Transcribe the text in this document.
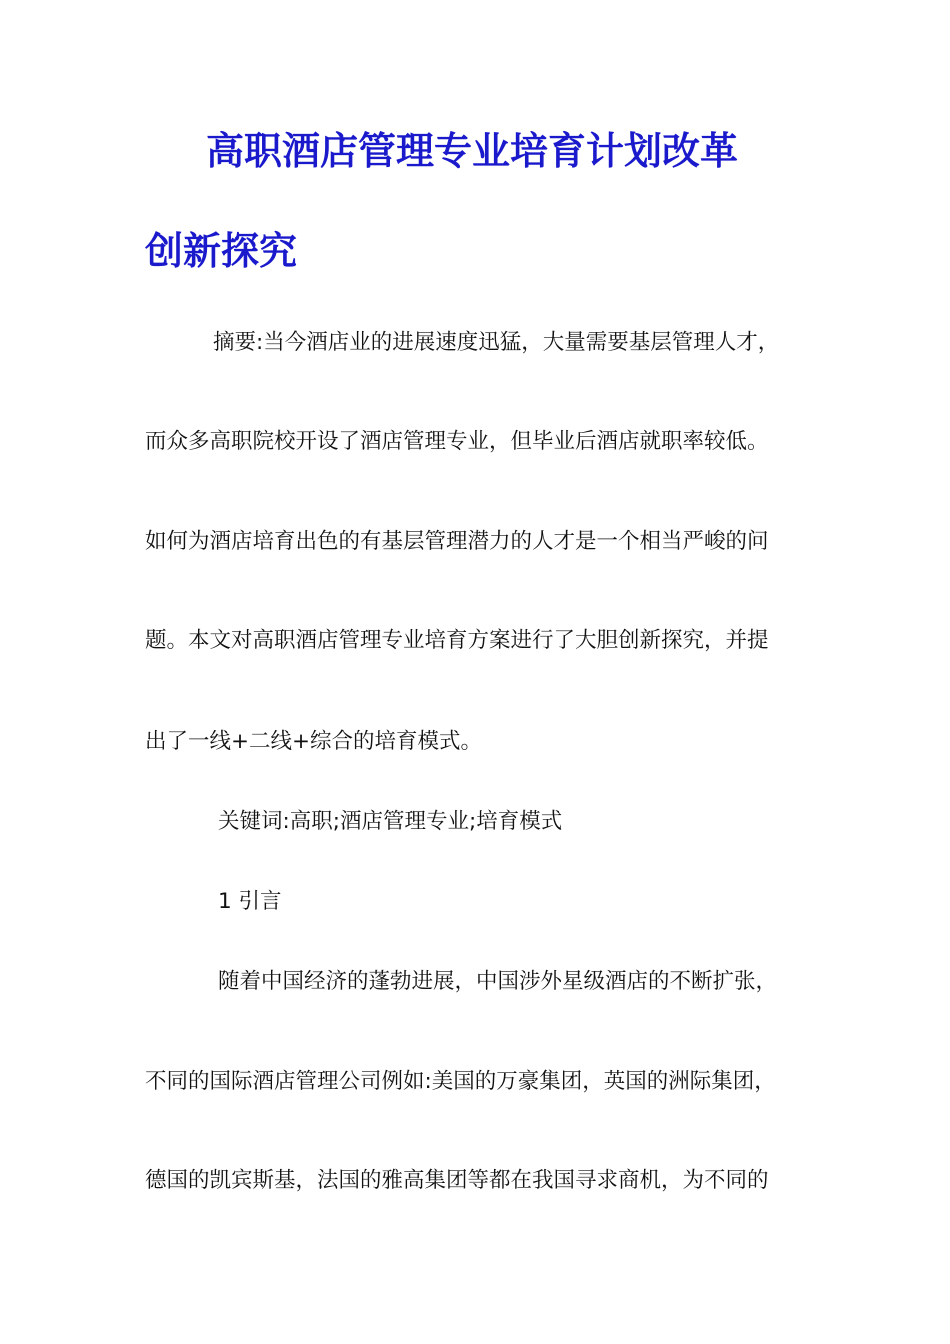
高职酒店管理专业培育计划改革
创新探究

摘要:当今酒店业的进展速度迅猛，大量需要基层管理人才，

而众多高职院校开设了酒店管理专业，但毕业后酒店就职率较低。

如何为酒店培育出色的有基层管理潜力的人才是一个相当严峻的问

题。本文对高职酒店管理专业培育方案进行了大胆创新探究，并提

出了一线+二线+综合的培育模式。

关键词:高职;酒店管理专业;培育模式

1 引言

随着中国经济的蓬勃进展，中国涉外星级酒店的不断扩张，

不同的国际酒店管理公司例如:美国的万豪集团，英国的洲际集团，

德国的凯宾斯基，法国的雅高集团等都在我国寻求商机，为不同的
